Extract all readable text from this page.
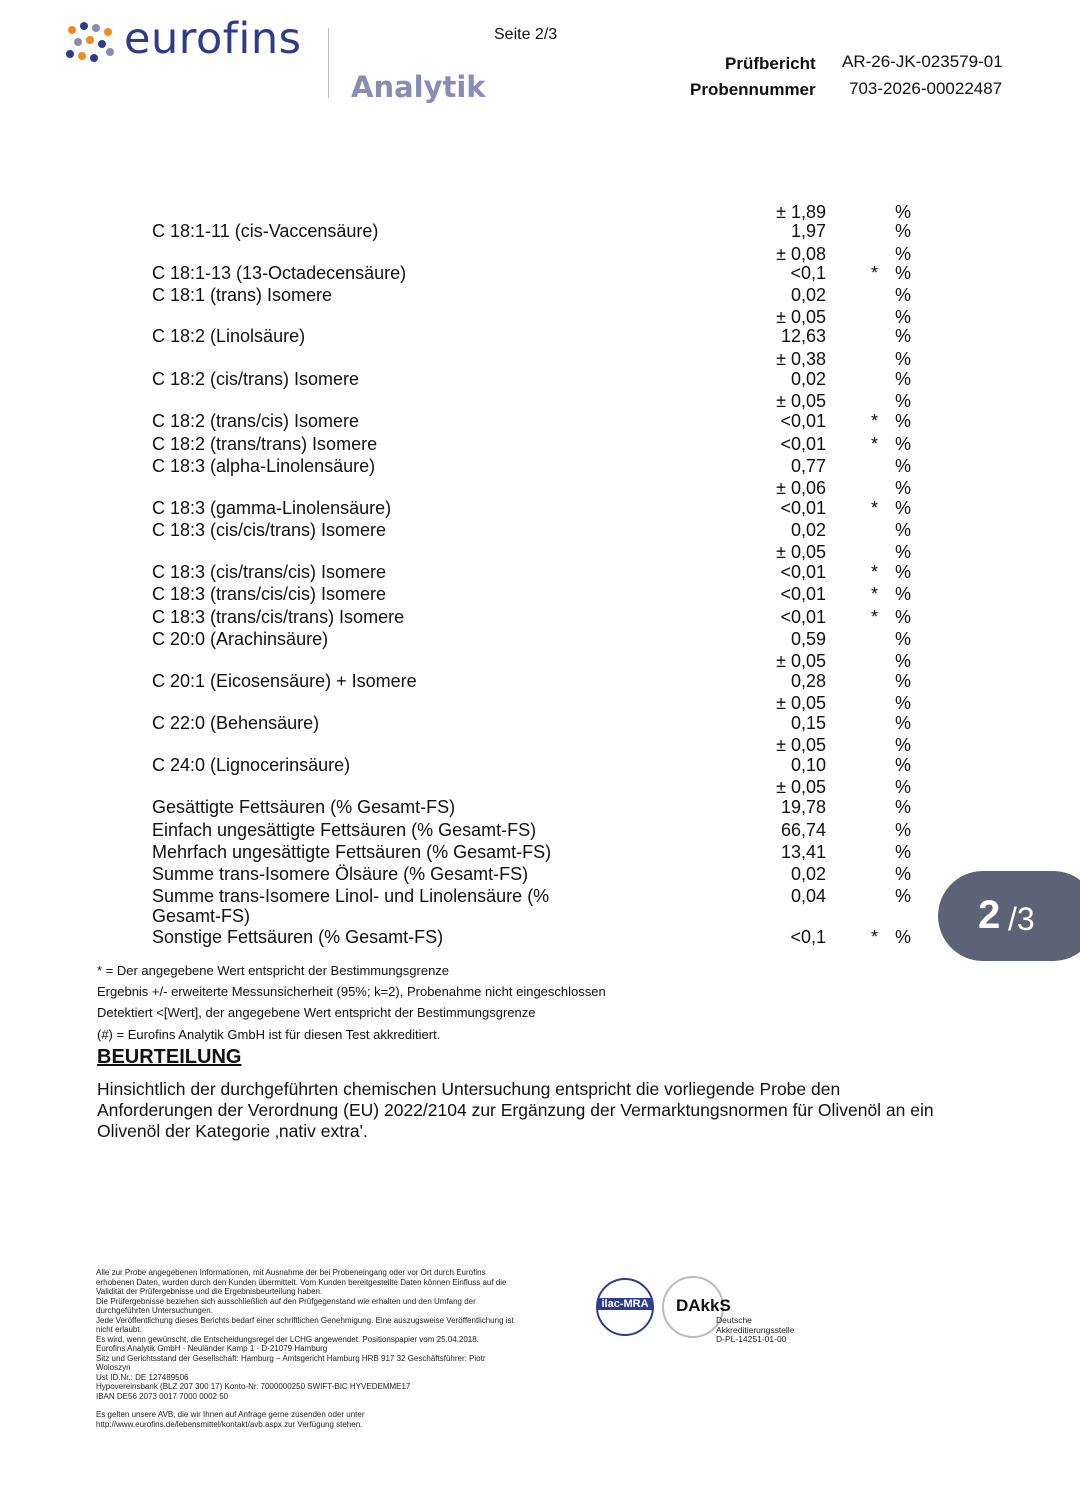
eurofins
Analytik
Seite 2/3
Prüfbericht AR-26-JK-023579-01
Probennummer 703-2026-00022487
± 1,89	%
C 18:1-11 (cis-Vaccensäure)	1,97	%
± 0,08	%
C 18:1-13 (13-Octadecensäure)	<0,1	* %
C 18:1 (trans) Isomere	0,02	%
± 0,05	%
C 18:2 (Linolsäure)	12,63	%
± 0,38	%
C 18:2 (cis/trans) Isomere	0,02	%
± 0,05	%
C 18:2 (trans/cis) Isomere	<0,01	* %
C 18:2 (trans/trans) Isomere	<0,01	* %
C 18:3 (alpha-Linolensäure)	0,77	%
± 0,06	%
C 18:3 (gamma-Linolensäure)	<0,01	* %
C 18:3 (cis/cis/trans) Isomere	0,02	%
± 0,05	%
C 18:3 (cis/trans/cis) Isomere	<0,01	* %
C 18:3 (trans/cis/cis) Isomere	<0,01	* %
C 18:3 (trans/cis/trans) Isomere	<0,01	* %
C 20:0 (Arachinsäure)	0,59	%
± 0,05	%
C 20:1 (Eicosensäure) + Isomere	0,28	%
± 0,05	%
C 22:0 (Behensäure)	0,15	%
± 0,05	%
C 24:0 (Lignocerinsäure)	0,10	%
± 0,05	%
Gesättigte Fettsäuren (% Gesamt-FS)	19,78	%
Einfach ungesättigte Fettsäuren (% Gesamt-FS)	66,74	%
Mehrfach ungesättigte Fettsäuren (% Gesamt-FS)	13,41	%
Summe trans-Isomere Ölsäure (% Gesamt-FS)	0,02	%
Summe trans-Isomere Linol- und Linolensäure (%	0,04	%
Gesamt-FS)
Sonstige Fettsäuren (% Gesamt-FS)	<0,1	* %
* = Der angegebene Wert entspricht der Bestimmungsgrenze
Ergebnis +/- erweiterte Messunsicherheit (95%; k=2), Probenahme nicht eingeschlossen
Detektiert <[Wert], der angegebene Wert entspricht der Bestimmungsgrenze
(#) = Eurofins Analytik GmbH ist für diesen Test akkreditiert.
BEURTEILUNG
Hinsichtlich der durchgeführten chemischen Untersuchung entspricht die vorliegende Probe den
Anforderungen der Verordnung (EU) 2022/2104 zur Ergänzung der Vermarktungsnormen für Olivenöl an ein
Olivenöl der Kategorie ‚nativ extra'.
2 /3

Alle zur Probe angegebenen Informationen, mit Ausnahme der bei Probeneingang oder vor Ort durch Eurofins

erhobenen Daten, wurden durch den Kunden übermittelt. Vom Kunden bereitgestellte Daten können Einfluss auf die

Validität der Prüfergebnisse und die Ergebnisbeurteilung haben.

Die Prüfergebnisse beziehen sich ausschließlich auf den Prüfgegenstand wie erhalten und den Umfang der

durchgeführten Untersuchungen.

Jede Veröffentlichung dieses Berichts bedarf einer schriftlichen Genehmigung. Eine auszugsweise Veröffentlichung ist

nicht erlaubt.

Es wird, wenn gewünscht, die Entscheidungsregel der LCHG angewendet. Positionspapier vom 25.04.2018.

Eurofins Analytik GmbH · Neuländer Kamp 1 · D-21079 Hamburg

Sitz und Gerichtsstand der Gesellschaft: Hamburg – Amtsgericht Hamburg HRB 917 32 Geschäftsführer: Piotr

Woloszyn

Ust ID.Nr.: DE 127489506

Hypovereinsbank (BLZ 207 300 17) Konto-Nr. 7000000250 SWIFT-BIC HYVEDEMME17

IBAN DE56 2073 0017 7000 0002 50

Es gelten unsere AVB, die wir Ihnen auf Anfrage gerne zusenden oder unter

http://www.eurofins.de/lebensmittel/kontakt/avb.aspx zur Verfügung stehen.

ilac-MRA DAkkS
Deutsche
Akkreditierungsstelle
D-PL-14251-01-00
